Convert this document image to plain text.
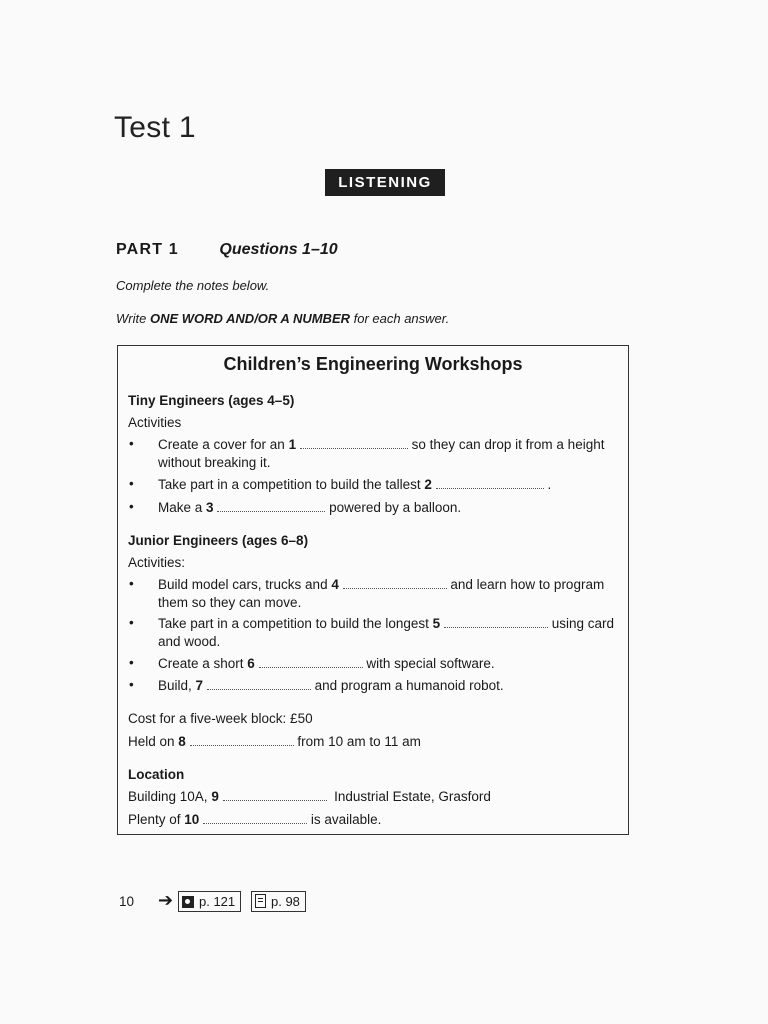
Test 1
LISTENING
PART 1	Questions 1–10
Complete the notes below.
Write ONE WORD AND/OR A NUMBER for each answer.
Children’s Engineering Workshops
Tiny Engineers (ages 4–5)
Activities
• Create a cover for an 1	so they can drop it from a height
without breaking it.
• Take part in a competition to build the tallest 2	.
• Make a 3	powered by a balloon.
Junior Engineers (ages 6–8)
Activities:
• Build model cars, trucks and 4	and learn how to program
them so they can move.
• Take part in a competition to build the longest 5	using card
and wood.
• Create a short 6	with special software.
• Build, 7	and program a humanoid robot.
Cost for a five-week block: £50
Held on 8	from 10 am to 11 am
Location
Building 10A, 9	Industrial Estate, Grasford
Plenty of 10	is available.
10 ➔	p. 121	p. 98
